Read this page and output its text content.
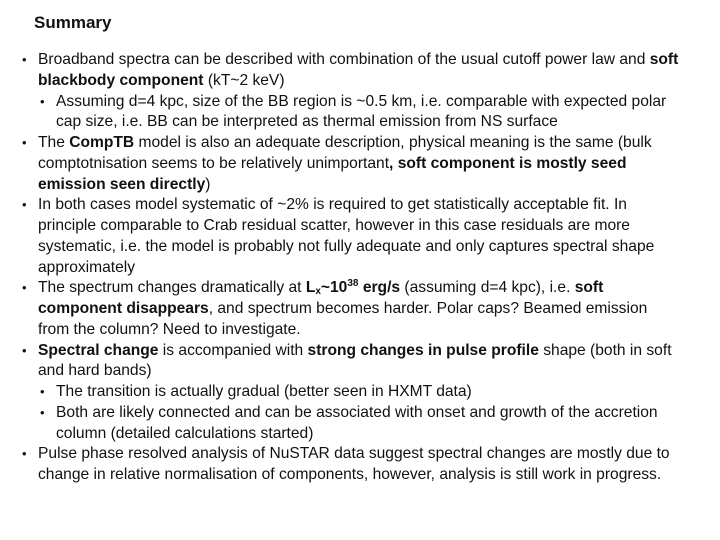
Summary
• Broadband spectra can be described with combination of the usual cutoff power law and soft blackbody component (kT~2 keV)
• Assuming d=4 kpc, size of the BB region is ~0.5 km, i.e. comparable with expected polar cap size, i.e. BB can be interpreted as thermal emission from NS surface
• The CompTB model is also an adequate description, physical meaning is the same (bulk comptotnisation seems to be relatively unimportant, soft component is mostly seed emission seen directly)
• In both cases model systematic of ~2% is required to get statistically acceptable fit. In principle comparable to Crab residual scatter, however in this case residuals are more systematic, i.e. the model is probably not fully adequate and only captures spectral shape approximately
• The spectrum changes dramatically at $L_x\sim 10^{38}$ erg/s (assuming d=4 kpc), i.e. soft component disappears, and spectrum becomes harder. Polar caps? Beamed emission from the column? Need to investigate.
• Spectral change is accompanied with strong changes in pulse profile shape (both in soft and hard bands)
• The transition is actually gradual (better seen in HXMT data)
• Both are likely connected and can be associated with onset and growth of the accretion column (detailed calculations started)
• Pulse phase resolved analysis of NuSTAR data suggest spectral changes are mostly due to change in relative normalisation of components, however, analysis is still work in progress.
